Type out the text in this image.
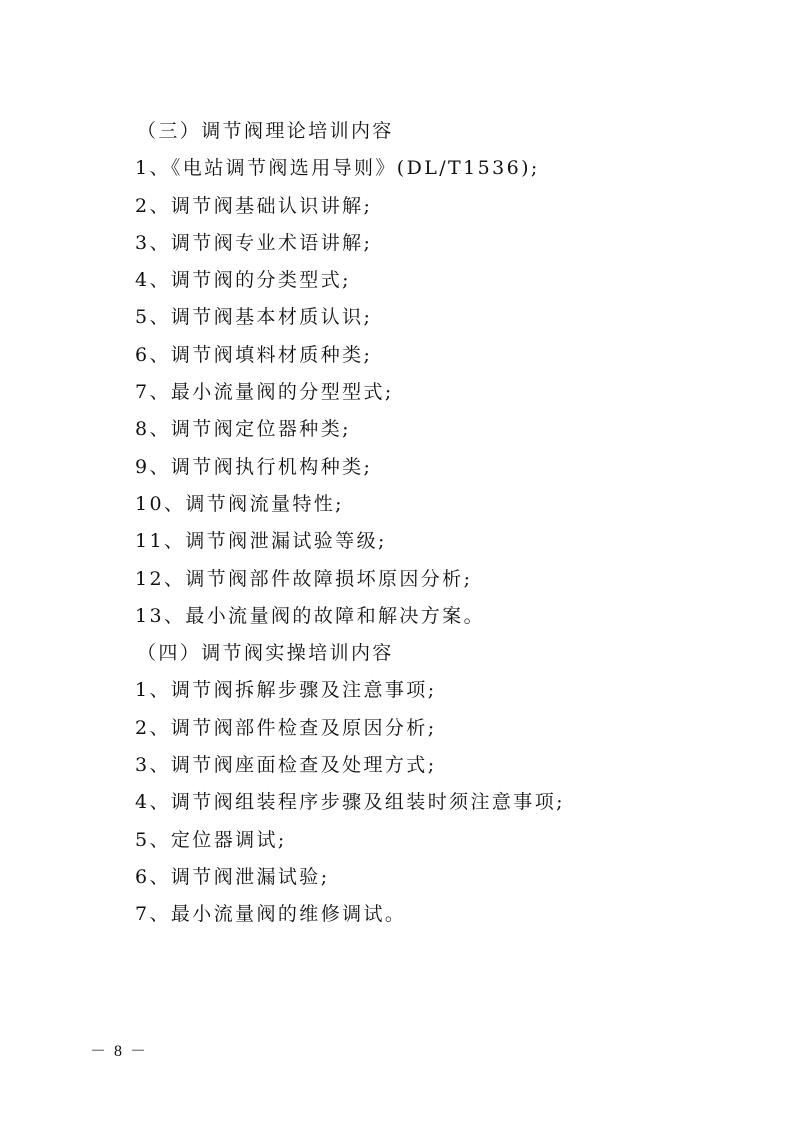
（三）调节阀理论培训内容
1、《电站调节阀选用导则》(DL/T1536);
2、调节阀基础认识讲解;
3、调节阀专业术语讲解;
4、调节阀的分类型式;
5、调节阀基本材质认识;
6、调节阀填料材质种类;
7、最小流量阀的分型型式;
8、调节阀定位器种类;
9、调节阀执行机构种类;
10、调节阀流量特性;
11、调节阀泄漏试验等级;
12、调节阀部件故障损坏原因分析;
13、最小流量阀的故障和解决方案。
（四）调节阀实操培训内容
1、调节阀拆解步骤及注意事项;
2、调节阀部件检查及原因分析;
3、调节阀座面检查及处理方式;
4、调节阀组装程序步骤及组装时须注意事项;
5、定位器调试;
6、调节阀泄漏试验;
7、最小流量阀的维修调试。
－ 8 －
